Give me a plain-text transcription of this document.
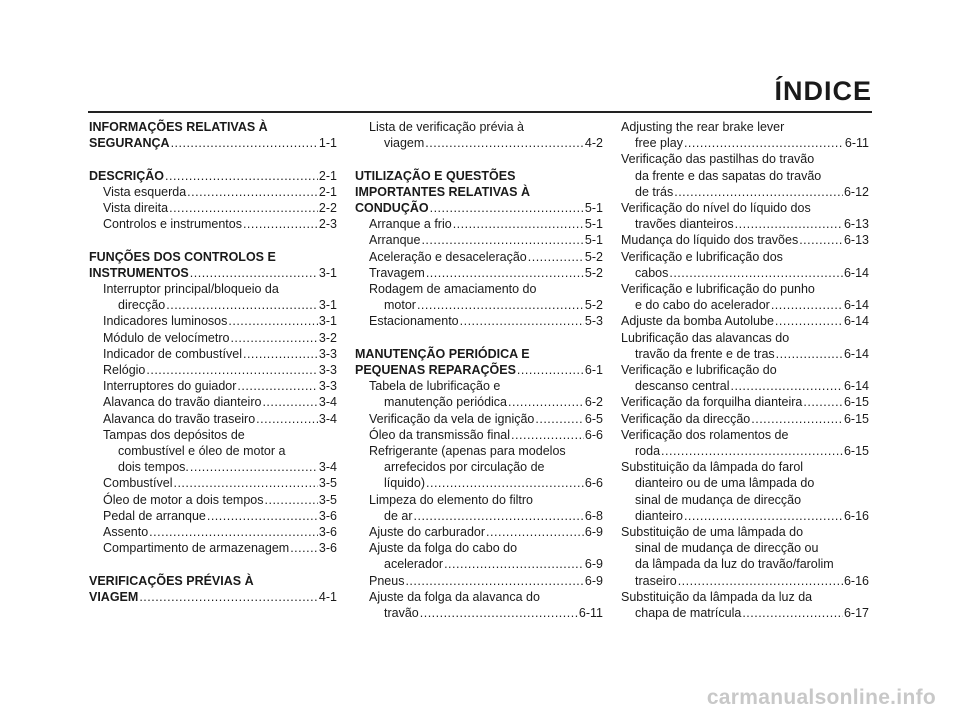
ÍNDICE
INFORMAÇÕES RELATIVAS À
SEGURANÇA .....	1-1
DESCRIÇÃO .....	2-1
Vista esquerda .....	2-1
Vista direita .....	2-2
Controlos e instrumentos .....	2-3
FUNÇÕES DOS CONTROLOS E
INSTRUMENTOS .....	3-1
Interruptor principal/bloqueio da
direcção .....	3-1
Indicadores luminosos .....	3-1
Módulo de velocímetro .....	3-2
Indicador de combustível .....	3-3
Relógio .....	3-3
Interruptores do guiador .....	3-3
Alavanca do travão dianteiro .....	3-4
Alavanca do travão traseiro .....	3-4
Tampas dos depósitos de
combustível e óleo de motor a
dois tempos. .....	3-4
Combustível .....	3-5
Óleo de motor a dois tempos .....	3-5
Pedal de arranque .....	3-6
Assento .....	3-6
Compartimento de armazenagem ..... 3-6
VERIFICAÇÕES PRÉVIAS À
VIAGEM .....	4-1
Lista de verificação prévia à
viagem .....	4-2
UTILIZAÇÃO E QUESTÕES
IMPORTANTES RELATIVAS À
CONDUÇÃO .....	5-1
Arranque a frio .....	5-1
Arranque .....	5-1
Aceleração e desaceleração .....	5-2
Travagem .....	5-2
Rodagem de amaciamento do
motor .....	5-2
Estacionamento .....	5-3
MANUTENÇÃO PERIÓDICA E
PEQUENAS REPARAÇÕES .....	6-1
Tabela de lubrificação e
manutenção periódica .....	6-2
Verificação da vela de ignição .....	6-5
Óleo da transmissão final .....	6-6
Refrigerante (apenas para modelos
arrefecidos por circulação de
líquido) .....	6-6
Limpeza do elemento do filtro
de ar .....	6-8
Ajuste do carburador .....	6-9
Ajuste da folga do cabo do
acelerador .....	6-9
Pneus .....	6-9
Ajuste da folga da alavanca do
travão .....	6-11
Adjusting the rear brake lever
free play .....	6-11
Verificação das pastilhas do travão
da frente e das sapatas do travão
de trás .....	6-12
Verificação do nível do líquido dos
travões dianteiros .....	6-13
Mudança do líquido dos travões .....	6-13
Verificação e lubrificação dos
cabos .....	6-14
Verificação e lubrificação do punho
e do cabo do acelerador .....	6-14
Adjuste da bomba Autolube .....	6-14
Lubrificação das alavancas do
travão da frente e de tras .....	6-14
Verificação e lubrificação do
descanso central .....	6-14
Verificação da forquilha dianteira .....	6-15
Verificação da direcção .....	6-15
Verificação dos rolamentos de
roda .....	6-15
Substituição da lâmpada do farol
dianteiro ou de uma lâmpada do
sinal de mudança de direcção
dianteiro .....	6-16
Substituição de uma lâmpada do
sinal de mudança de direcção ou
da lâmpada da luz do travão/farolim
traseiro .....	6-16
Substituição da lâmpada da luz da
chapa de matrícula .....	6-17
carmanualsonline.info
